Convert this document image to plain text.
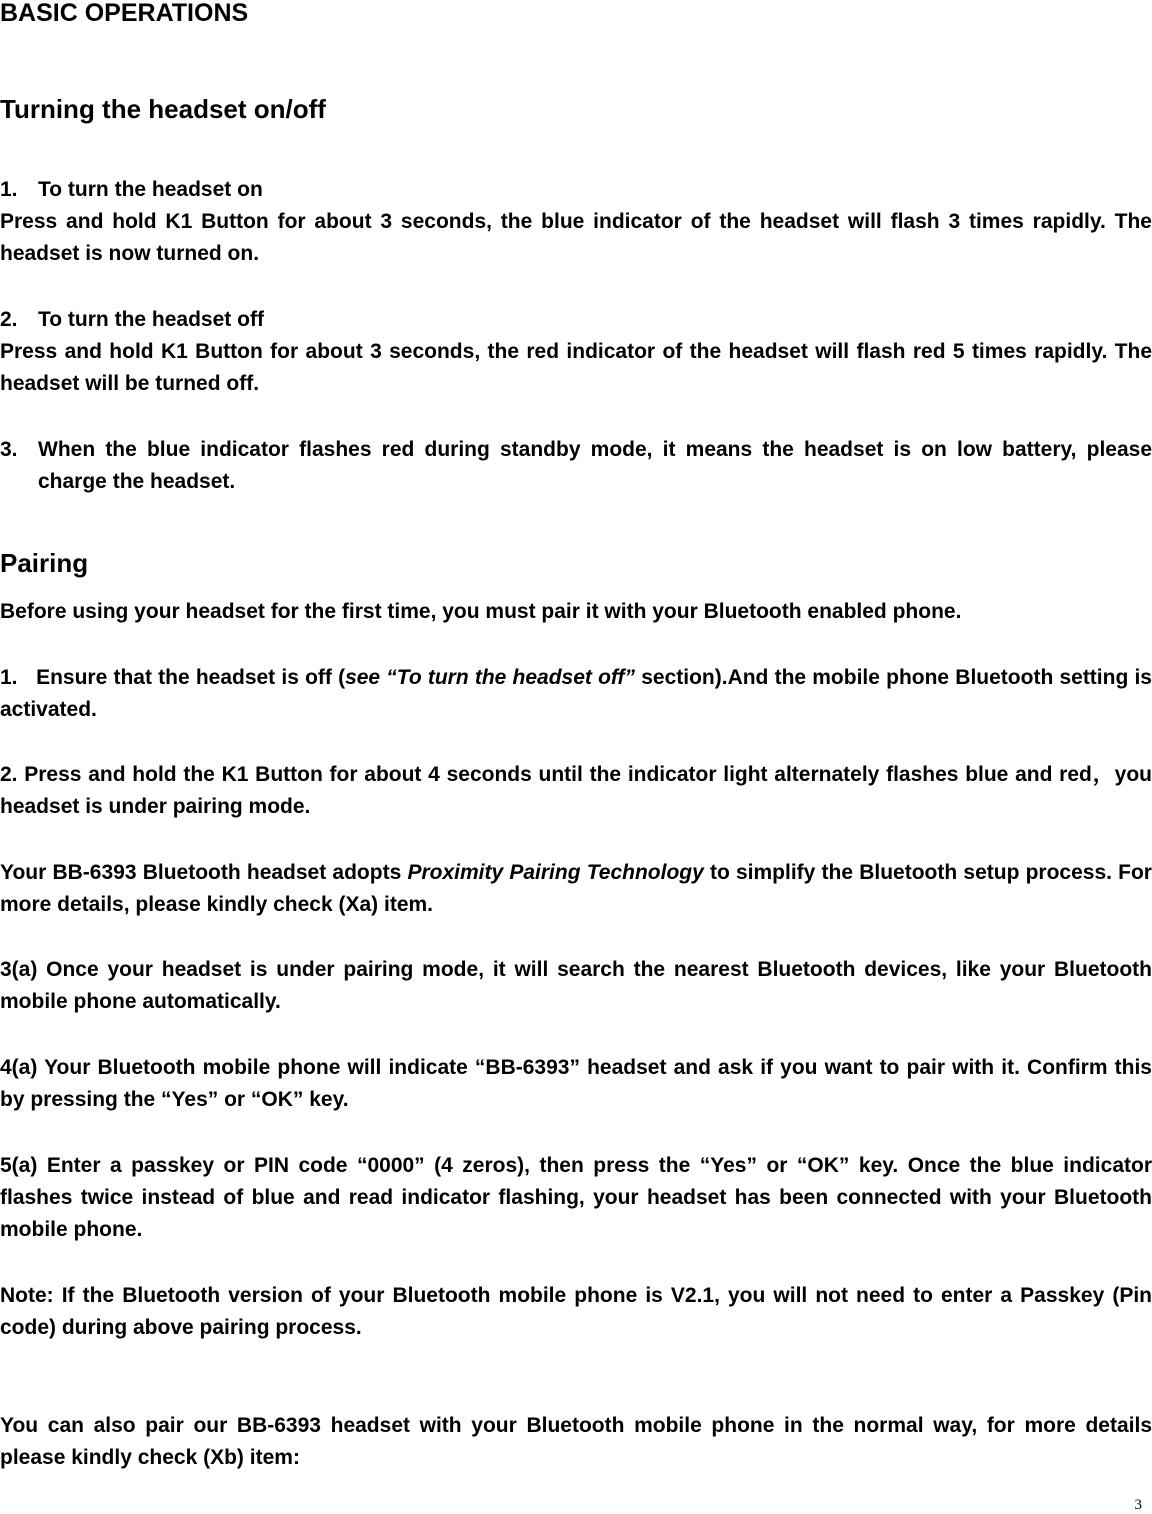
BASIC OPERATIONS
Turning the headset on/off
1. To turn the headset on

Press and hold K1 Button for about 3 seconds, the blue indicator of the headset will flash 3 times rapidly. The headset is now turned on.

2. To turn the headset off

Press and hold K1 Button for about 3 seconds, the red indicator of the headset will flash red 5 times rapidly. The headset will be turned off.

3. When the blue indicator flashes red during standby mode, it means the headset is on low battery, please charge the headset.
Pairing

Before using your headset for the first time, you must pair it with your Bluetooth enabled phone.

1.   Ensure that the headset is off (see “To turn the headset off” section).And the mobile phone Bluetooth setting is activated.

2. Press and hold the K1 Button for about 4 seconds until the indicator light alternately flashes blue and red，you headset is under pairing mode.

Your BB-6393 Bluetooth headset adopts Proximity Pairing Technology to simplify the Bluetooth setup process. For more details, please kindly check (Xa) item.

3(a) Once your headset is under pairing mode, it will search the nearest Bluetooth devices, like your Bluetooth mobile phone automatically.

4(a) Your Bluetooth mobile phone will indicate “BB-6393” headset and ask if you want to pair with it. Confirm this by pressing the “Yes” or “OK” key.

5(a) Enter a passkey or PIN code “0000” (4 zeros), then press the “Yes” or “OK” key. Once the blue indicator flashes twice instead of blue and read indicator flashing, your headset has been connected with your Bluetooth mobile phone.

Note: If the Bluetooth version of your Bluetooth mobile phone is V2.1, you will not need to enter a Passkey (Pin code) during above pairing process.

You can also pair our BB-6393 headset with your Bluetooth mobile phone in the normal way, for more details please kindly check (Xb) item:

3
